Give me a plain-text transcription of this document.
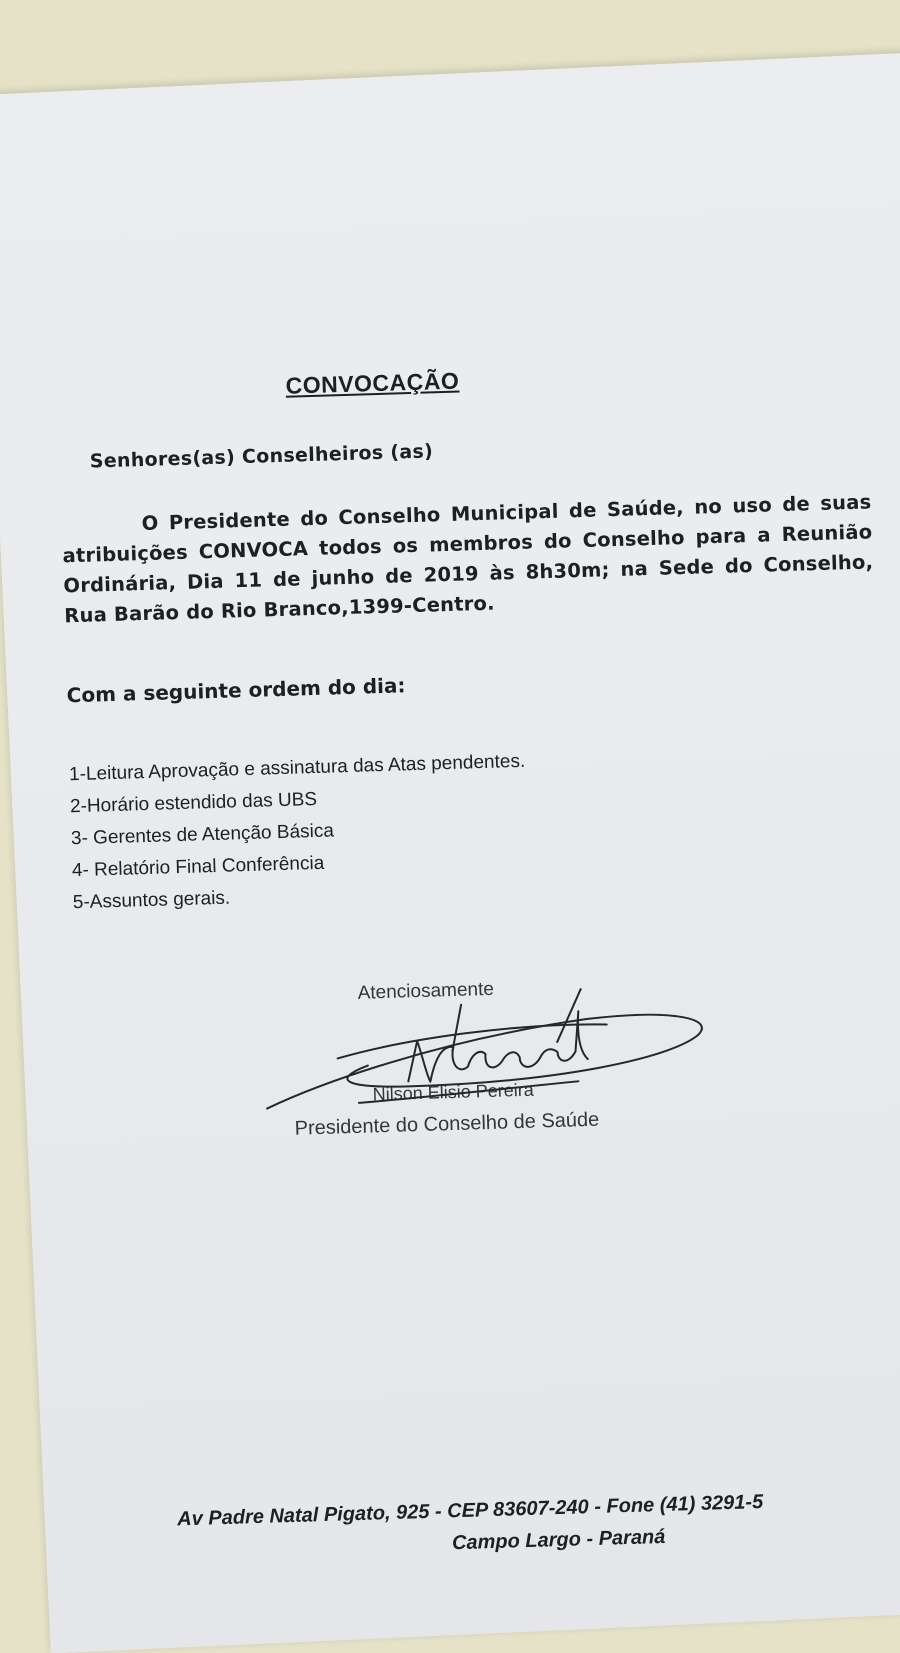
CONVOCAÇÃO
Senhores(as) Conselheiros (as)
O Presidente do Conselho Municipal de Saúde, no uso de suas atribuições CONVOCA todos os membros do Conselho para a Reunião Ordinária, Dia 11 de junho de 2019 às 8h30m; na Sede do Conselho, Rua Barão do Rio Branco,1399-Centro.
Com a seguinte ordem do dia:
1-Leitura Aprovação e assinatura das Atas pendentes.
2-Horário estendido das UBS
3- Gerentes de Atenção Básica
4- Relatório Final Conferência
5-Assuntos gerais.
Atenciosamente
Nilson Elisio Pereira
Presidente do Conselho de Saúde
Av Padre Natal Pigato, 925 - CEP 83607-240 - Fone (41) 3291-5
Campo Largo - Paraná
